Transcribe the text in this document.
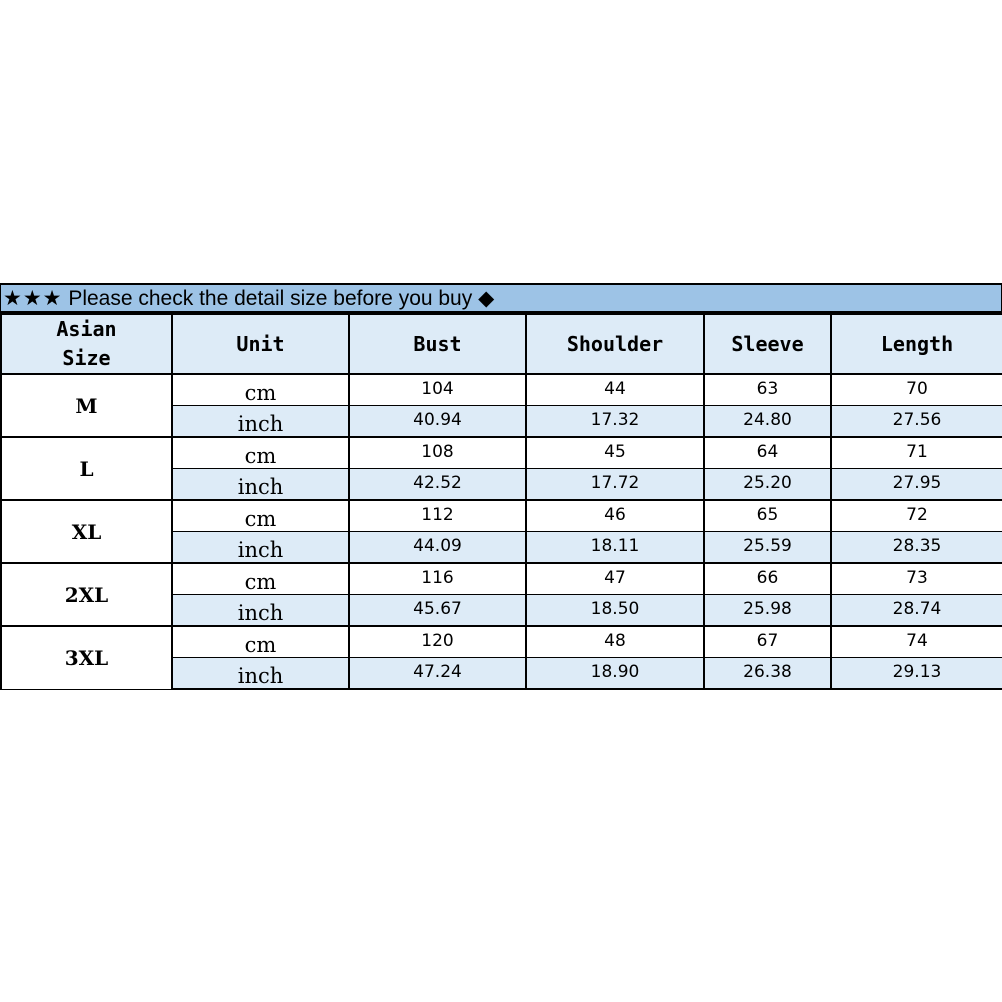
★★★ Please check the detail size before you buy ◆
Asian
Size	Unit	Bust	Shoulder	Sleeve	Length
M	cm	104	44	63	70
	inch	40.94	17.32	24.80	27.56
L	cm	108	45	64	71
	inch	42.52	17.72	25.20	27.95
XL	cm	112	46	65	72
	inch	44.09	18.11	25.59	28.35
2XL	cm	116	47	66	73
	inch	45.67	18.50	25.98	28.74
3XL	cm	120	48	67	74
	inch	47.24	18.90	26.38	29.13
